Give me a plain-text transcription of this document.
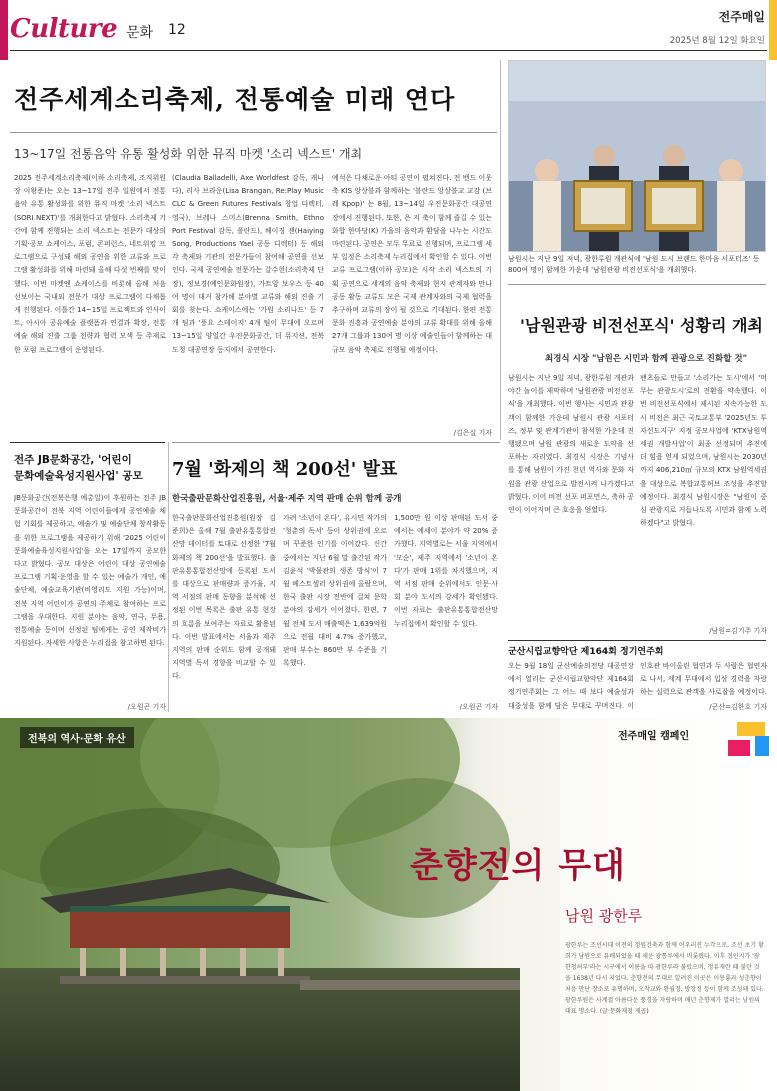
Culture 문화 12
전주매일
2025년 8월 12일 화요일
전주세계소리축제, 전통예술 미래 연다
13~17일 전통음악 유통 활성화 위한 뮤직 마켓 '소리 넥스트' 개최
2025 전주세계소리축제(이하 소리축제, 조직위원장 이왕준)는 오는 13~17일 전주 일원에서 전통음악 유통 활성화를 위한 뮤직 마켓 '소리 넥스트(SORI NEXT)'를 개최한다고 밝혔다. 소리축제 기간에 함께 진행되는 소리 넥스트는 전문가 대상의 기획·공모 쇼케이스, 포럼, 콘퍼런스, 네트워킹 프로그램으로 구성돼 해외 공연을 위한 교류와 프로그램 활성화를 위해 마련돼 올해 다섯 번째를 맞이했다. 이번 마켓엔 쇼케이스를 비롯해 올해 처음 선보이는 국내외 전문가 대상 프로그램이 다채롭게 진행된다. 이틀간 14~15일 프로젝트와 인사이트, 아시아 공유예술 플랫폼과 연결과 확장, 전통예술 해외 진출 그룹 전략과 협력 모색 등 주제로 한 포럼 프로그램이 운영된다.
(Claudia Balladelli, Axe Worldfest 감독, 캐나다), 리사 브라운(Lisa Brangan, Re:Play Music CLC & Green Futures Festivals 창업 디렉터, 영국), 브레나 스미스(Brenna Smith, Ethno Port Festival 감독, 폴란드), 헤이징 젠(Haiying Song, Productions Yael 공동 디렉터) 등 해외 각 축제와 기관의 전문가들이 참여해 공연을 선보인다. 국제 공연예술 전문가는 갈수현(소리축제 단장), 정보경(예인문화원장), 가트앙 보우스 등 40여 명이 대거 참가해 분야별 교류와 해외 진출 기회를 찾는다. 쇼케이스에는 '가원 소리나드' 등 7개 팀과 '풍요 스테이지' 4개 팀이 무대에 오르며 13~15일 양일간 우진문화공간, 더 뮤지션, 전북도청 대공연장 등지에서 공연한다.
예석은 다채로운 아티 공연이 펼쳐진다. 전 밴드 이웃 축 KIS 앙상블과 함께하는 '블란드 앙상블교 교감 (브레 Kpop)' 는 8월, 13~14일 우진문화공간 대공연장에서 진행된다. 또한, 은 지 축이 함께 즐길 수 있는 화합 한마당(K) 가을의 음악과 환담을 나누는 시간도 마련된다. 공연은 모두 무료로 진행되며, 프로그램 세부 일정은 소리축제 누리집에서 확인할 수 있다. 이번 교류 프로그램(이하 공모)은 시작 소리 넥스트의 기획 공연으로 세계의 음악 축제와 현지 관계자와 만나 공동 활동 교류도 모은 국제 관계자와의 국제 협력을 추구하며 교류의 장이 될 것으로 기대된다. 한편 전통문화 진흥과 공연예술 분야의 교류 확대를 위해 올해 27개 그룹과 130여 명 이상 예술인들이 함께하는 대규모 음악 축제로 진행될 예정이다.
/김은실 기자
남원시는 지난 9일 저녁, 광한루원 개관식에 '남원 도시 브랜드 한마음 서포터즈' 등 800여 명이 함께한 가운데 '남원관광 비전선포식'을 개최했다.
'남원관광 비전선포식' 성황리 개최
최경식 시장 "남원은 시민과 함께 관광으로 진화할 것"
남원시는 지난 9일 저녁, 광한루원 개관과 야간 놀이를 제막하며 '남원관광 비전선포식'을 개최했다. 이번 행사는 시민과 관광객이 함께한 가운데 남원시 관광 서포터즈, 정부 및 관계기관이 참석한 가운데 진행됐으며 남원 관광의 새로운 도약을 선포하는 자리였다. 최경식 시장은 기념사를 통해 남원이 가진 천년 역사와 문화 자원을 관광 산업으로 발전시켜 나가겠다고 밝혔다. 이어 비전 선포 퍼포먼스, 축하 공연이 이어지며 큰 호응을 얻었다.
팬츠들로 만들고 '소리가는 도시'에서 '머무는 관광도시'로의 전환을 약속했다. 이번 비전선포식에서 제시된 지속가능한 도시 비전은 최근 국토교통부 '2025년도 투자선도지구' 지정 공모사업에 'KTX남원역세권 개발사업'이 최종 선정되며 추진에 더 힘을 얻게 되었으며, 남원시는 2030년까지 406,210㎡ 규모의 KTX 남원역세권을 대상으로 복합교통허브 조성을 추진할 예정이다. 최경식 남원시장은 "남원이 중심 관광지로 거듭나도록 시민과 함께 노력하겠다"고 밝혔다.
/남원=김기주 기자
전주 JB문화공간, '어린이
문화예술육성지원사업' 공모
JB문화공간(전북은행 예총일)이 후원하는 전주 JB문화공간이 전북 지역 어린이들에게 공연예술 체험 기회를 제공하고, 예술가 및 예술단체 창작활동을 위한 프로그램을 제공하기 위해 '2025 어린이문화예술육성지원사업'을 오는 17일까지 공모한다고 밝혔다. 공모 대상은 어린이 대상 공연예술 프로그램 기획·운영을 할 수 있는 예술가 개인, 예술단체, 예술교육기관(비영리도 지원 가능)이며, 전북 지역 어린이가 공연의 주체로 참여하는 프로그램을 우대한다. 지원 분야는 음악, 연극, 무용, 전통예술 등이며 선정된 팀에게는 공연 제작비가 지원된다. 자세한 사항은 누리집을 참고하면 된다.
/오원곤 기자
7월 '화제의 책 200선' 발표
한국출판문화산업진흥원, 서울·제주 지역 판매 순위 함께 공개
한국출판문화산업진흥원(원장 김준희)은 올해 7월 출판유통통합전산망 데이터를 토대로 선정한 '7월 화제의 책 200선'을 발표했다. 출판유통통합전산망에 등록된 도서를 대상으로 판매량과 증가율, 지역 서점의 판매 동향을 분석해 선정된 이번 목록은 출판 유통 현장의 흐름을 보여주는 자료로 활용된다. 이번 발표에서는 서울과 제주 지역의 판매 순위도 함께 공개돼 지역별 독서 경향을 비교할 수 있다.
가려 '소년이 온다', 유시민 작가의 '청춘의 독서' 등이 상위권에 오르며 꾸준한 인기를 이어갔다. 신간 중에서는 지난 6월 말 출간된 작가 김윤석 '박물관의 생존 방식'이 7월 베스트셀러 상위권에 올랐으며, 한국 출판 시장 전반에 걸쳐 문학 분야의 강세가 이어졌다. 한편, 7월 전체 도서 매출액은 1,639억원으로 전월 대비 4.7% 증가했고, 판매 부수는 860만 부 수준을 기록했다.
1,500만 원 이상 판매된 도서 중에서는 에세이 분야가 약 20% 증가했다. 지역별로는 서울 지역에서 '모순', 제주 지역에서 '소년이 온다'가 판매 1위를 차지했으며, 지역 서점 판매 순위에서도 인문·사회 분야 도서의 강세가 확인됐다. 이번 자료는 출판유통통합전산망 누리집에서 확인할 수 있다.
/오원곤 기자
군산시립교향악단 제164회 정기연주회
오는 9월 18일 군산예술의전당 대공연장에서 열리는 군산시립교향악단 제164회 정기연주회는 그 어느 때 보다 예술성과 대중성을 함께 담은 무대로 꾸며진다. 이
인호관 바이올린 협연과 두 사람은 협연자로 나서, 세계 무대에서 입상 경력을 자랑하는 실력으로 관객을 사로잡을 예정이다.
/군산=김한호 기자
전북의 역사·문화 유산	전주매일 캠페인
춘향전의 무대
남원 광한루
광한루는 조선시대 이전의 정원건축과 함께 어우러진 누각으로, 조선 초기 황희가 남원으로 유배되었을 때 세운 광통루에서 비롯됐다. 이후 정인지가 '광한청허부'라는 시구에서 이름을 따 광한루라 불렀으며, 정유재란 때 불탄 것을 1638년 다시 지었다. 춘향전의 무대로 알려진 이곳은 이몽룡과 성춘향이 처음 만난 장소로 유명하며, 오작교와 완월정, 방장정 등이 함께 조성돼 있다. 광한루원은 사계절 아름다운 풍경을 자랑하며 매년 춘향제가 열리는 남원의 대표 명소다. (글·문화재청 제공)
